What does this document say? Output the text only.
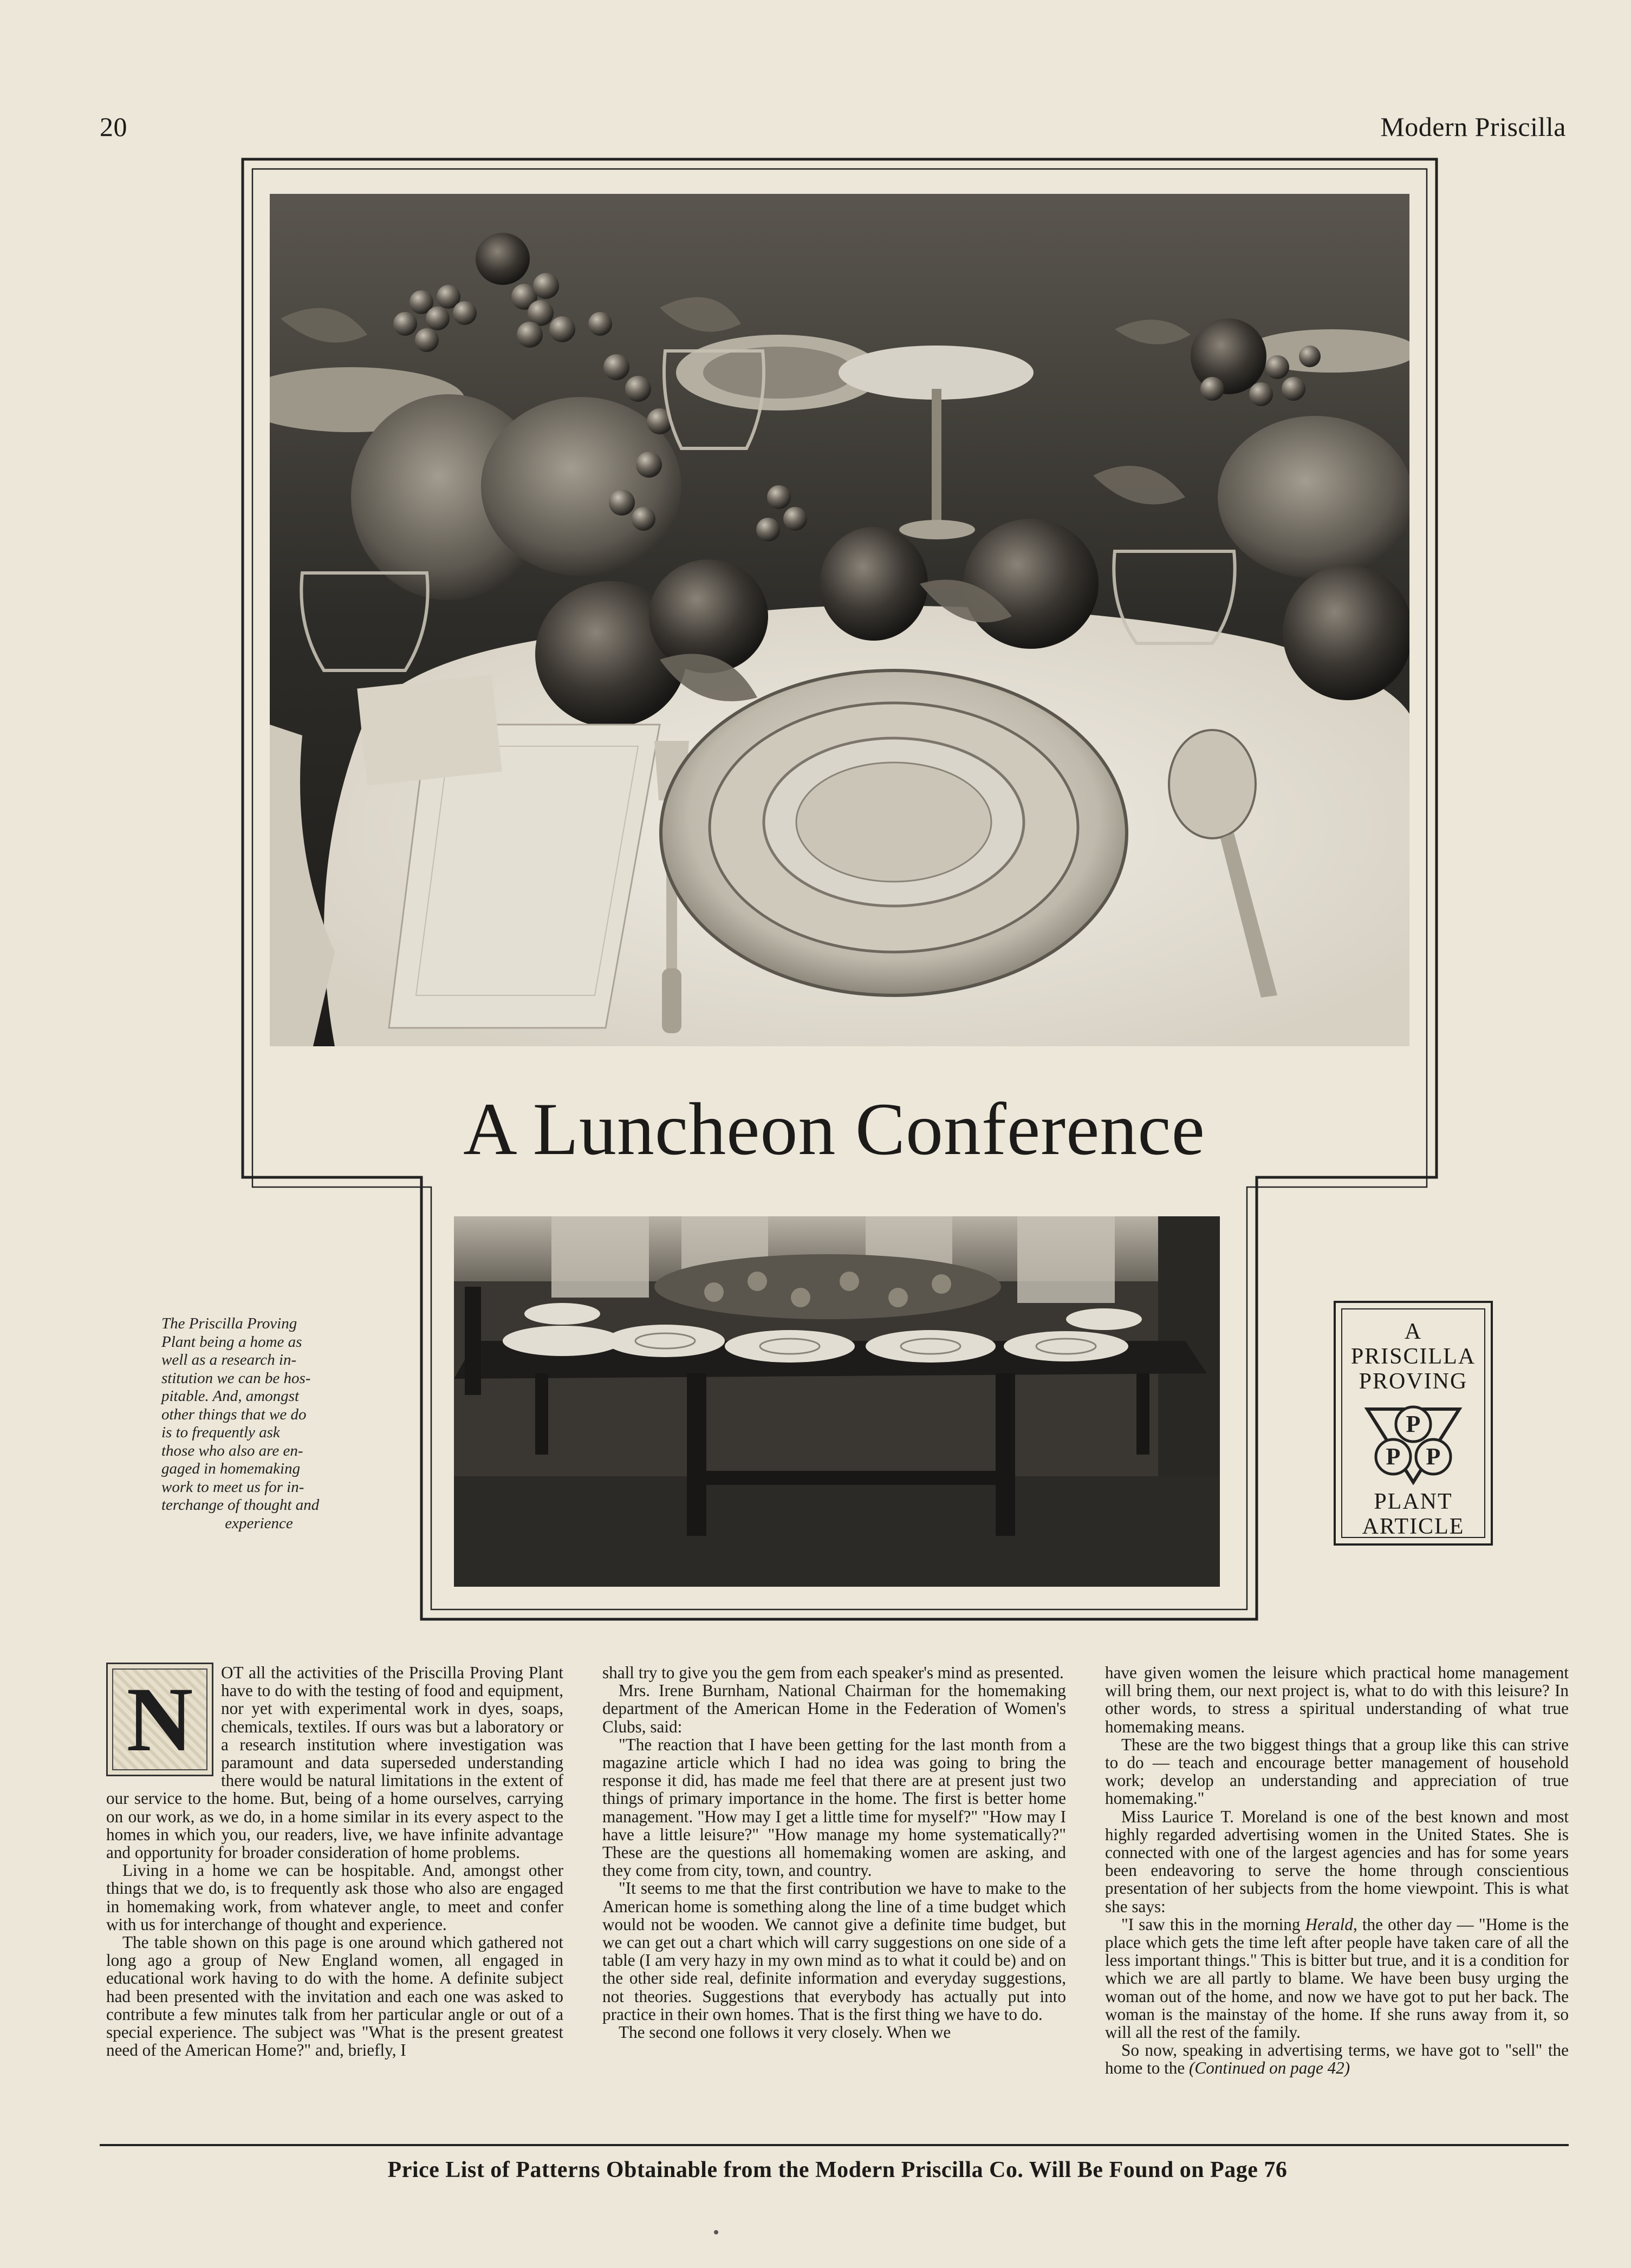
20	Modern Priscilla
A Luncheon Conference
The Priscilla Proving
Plant being a home as
well as a research in-
stitution we can be hos-
pitable. And, amongst
other things that we do
is to frequently ask
those who also are en-
gaged in homemaking
work to meet us for in-
terchange of thought and
experience
A
PRISCILLA
PROVING
P
P P
PLANT
ARTICLE
N	OT all the activities of the Priscilla Proving Plant have to do with the testing of food and equipment, nor yet with experimental work in dyes, soaps, chemicals, textiles. If ours was but a laboratory or a research institution where investigation was paramount and data superseded understanding there would be natural limitations in the extent of our service to the home. But, being of a home ourselves, carrying on our work, as we do, in a home similar in its every aspect to the homes in which you, our readers, live, we have infinite advantage and opportunity for broader consideration of home problems.

Living in a home we can be hospitable. And, amongst other things that we do, is to frequently ask those who also are engaged in homemaking work, from whatever angle, to meet and confer with us for interchange of thought and experience.

The table shown on this page is one around which gathered not long ago a group of New England women, all engaged in educational work having to do with the home. A definite subject had been presented with the invitation and each one was asked to contribute a few minutes talk from her particular angle or out of a special experience. The subject was "What is the present greatest need of the American Home?" and, briefly, I

shall try to give you the gem from each speaker's mind as presented.

Mrs. Irene Burnham, National Chairman for the homemaking department of the American Home in the Federation of Women's Clubs, said:

"The reaction that I have been getting for the last month from a magazine article which I had no idea was going to bring the response it did, has made me feel that there are at present just two things of primary importance in the home. The first is better home management. "How may I get a little time for myself?" "How may I have a little leisure?" "How manage my home systematically?" These are the questions all homemaking women are asking, and they come from city, town, and country.

"It seems to me that the first contribution we have to make to the American home is something along the line of a time budget which would not be wooden. We cannot give a definite time budget, but we can get out a chart which will carry suggestions on one side of a table (I am very hazy in my own mind as to what it could be) and on the other side real, definite information and everyday suggestions, not theories. Suggestions that everybody has actually put into practice in their own homes. That is the first thing we have to do.

The second one follows it very closely. When we

have given women the leisure which practical home management will bring them, our next project is, what to do with this leisure? In other words, to stress a spiritual understanding of what true homemaking means.

These are the two biggest things that a group like this can strive to do — teach and encourage better management of household work; develop an understanding and appreciation of true homemaking."

Miss Laurice T. Moreland is one of the best known and most highly regarded advertising women in the United States. She is connected with one of the largest agencies and has for some years been endeavoring to serve the home through conscientious presentation of her subjects from the home viewpoint. This is what she says:

"I saw this in the morning Herald, the other day — "Home is the place which gets the time left after people have taken care of all the less important things." This is bitter but true, and it is a condition for which we are all partly to blame. We have been busy urging the woman out of the home, and now we have got to put her back. The woman is the mainstay of the home. If she runs away from it, so will all the rest of the family.

So now, speaking in advertising terms, we have got to "sell" the home to the (Continued on page 42)

Price List of Patterns Obtainable from the Modern Priscilla Co. Will Be Found on Page 76
